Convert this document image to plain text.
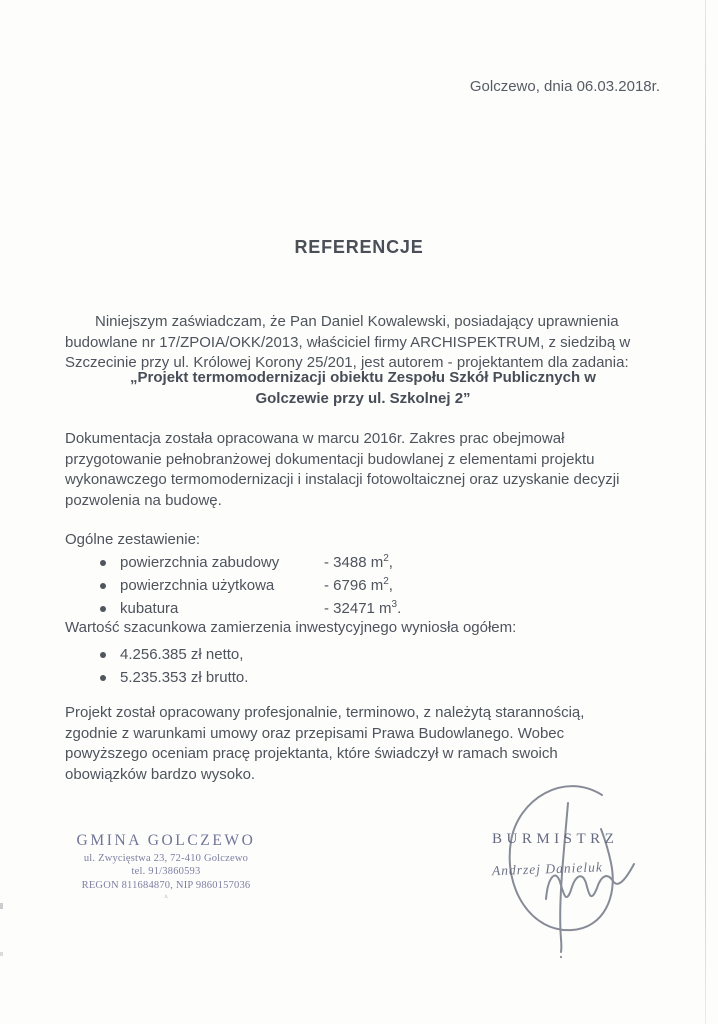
Golczewo, dnia 06.03.2018r.
REFERENCJE
Niniejszym zaświadczam, że Pan Daniel Kowalewski, posiadający uprawnienia
budowlane nr 17/ZPOIA/OKK/2013, właściciel firmy ARCHISPEKTRUM, z siedzibą w
Szczecinie przy ul. Królowej Korony 25/201, jest autorem - projektantem dla zadania:
„Projekt termomodernizacji obiektu Zespołu Szkół Publicznych w
Golczewie przy ul. Szkolnej 2”
Dokumentacja została opracowana w marcu 2016r. Zakres prac obejmował
przygotowanie pełnobranżowej dokumentacji budowlanej z elementami projektu
wykonawczego termomodernizacji i instalacji fotowoltaicznej oraz uzyskanie decyzji
pozwolenia na budowę.
Ogólne zestawienie:
powierzchnia zabudowy	- 3488 $m^2$,
powierzchnia użytkowa	- 6796 $m^2$,
kubatura	- 32471 $m^3$.
Wartość szacunkowa zamierzenia inwestycyjnego wyniosła ogółem:
4.256.385 zł netto,
5.235.353 zł brutto.
Projekt został opracowany profesjonalnie, terminowo, z należytą starannością,
zgodnie z warunkami umowy oraz przepisami Prawa Budowlanego. Wobec
powyższego oceniam pracę projektanta, które świadczył w ramach swoich
obowiązków bardzo wysoko.
GMINA GOLCZEWO
ul. Zwycięstwa 23, 72-410 Golczewo
tel. 91/3860593
REGON 811684870, NIP 9860157036
ʌ
BURMISTRZ
Andrzej Danieluk
